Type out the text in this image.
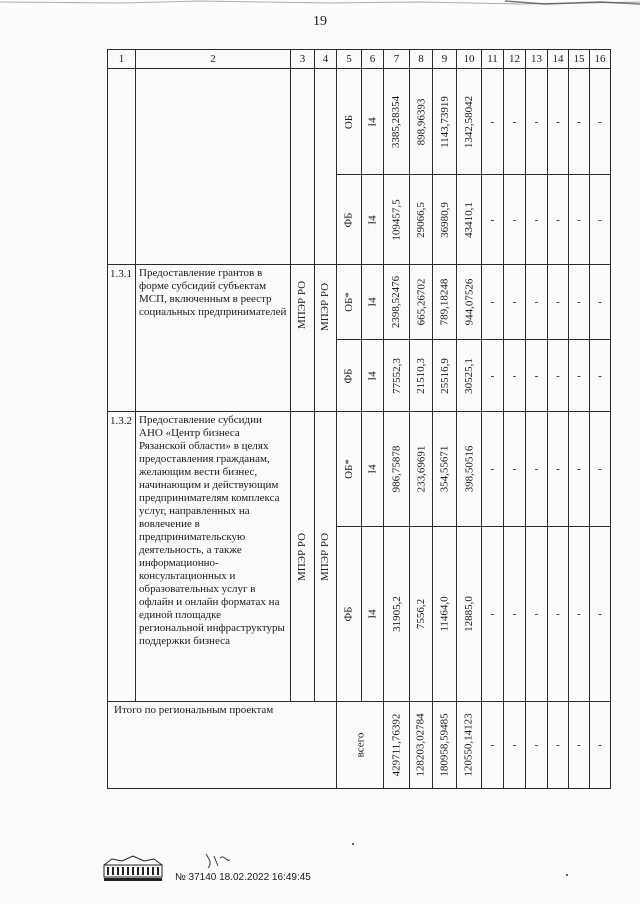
19
1	2	3	4	5	6	7	8	9	10	11	12	13	14	15	16

				ОБ	I4	3385,28354	898,96393	1143,73919	1342,58042	-	-	-	-	-	-

				ФБ	I4	109457,5	29066,5	36980,9	43410,1	-	-	-	-	-	-
1.3.1	Предоставление грантов в форме субсидий субъектам МСП, включенным в реестр социальных предпринимателей	МПЭР РО	МПЭР РО	ОБ*	I4	2398,52476	665,26702	789,18248	944,07526	-	-	-	-	-	-

				ФБ	I4	77552,3	21510,3	25516,9	30525,1	-	-	-	-	-	-
1.3.2	Предоставление субсидии АНО «Центр бизнеса Рязанской области» в целях предоставления гражданам, желающим вести бизнес, начинающим и действующим предпринимателям комплекса услуг, направленных на вовлечение в предпринимательскую деятельность, а также информационно-консультационных и образовательных услуг в офлайн и онлайн форматах на единой площадке региональной инфраструктуры поддержки бизнеса	МПЭР РО	МПЭР РО	ОБ*	I4	986,75878	233,69691	354,55671	398,50516	-	-	-	-	-	-

				ФБ	I4	31905,2	7556,2	11464,0	12885,0	-	-	-	-	-	-
Итого по региональным проектам				всего		429711,76392	128203,02784	180958,59485	120550,14123	-	-	-	-	-	-
№ 37140 18.02.2022 16:49:45
